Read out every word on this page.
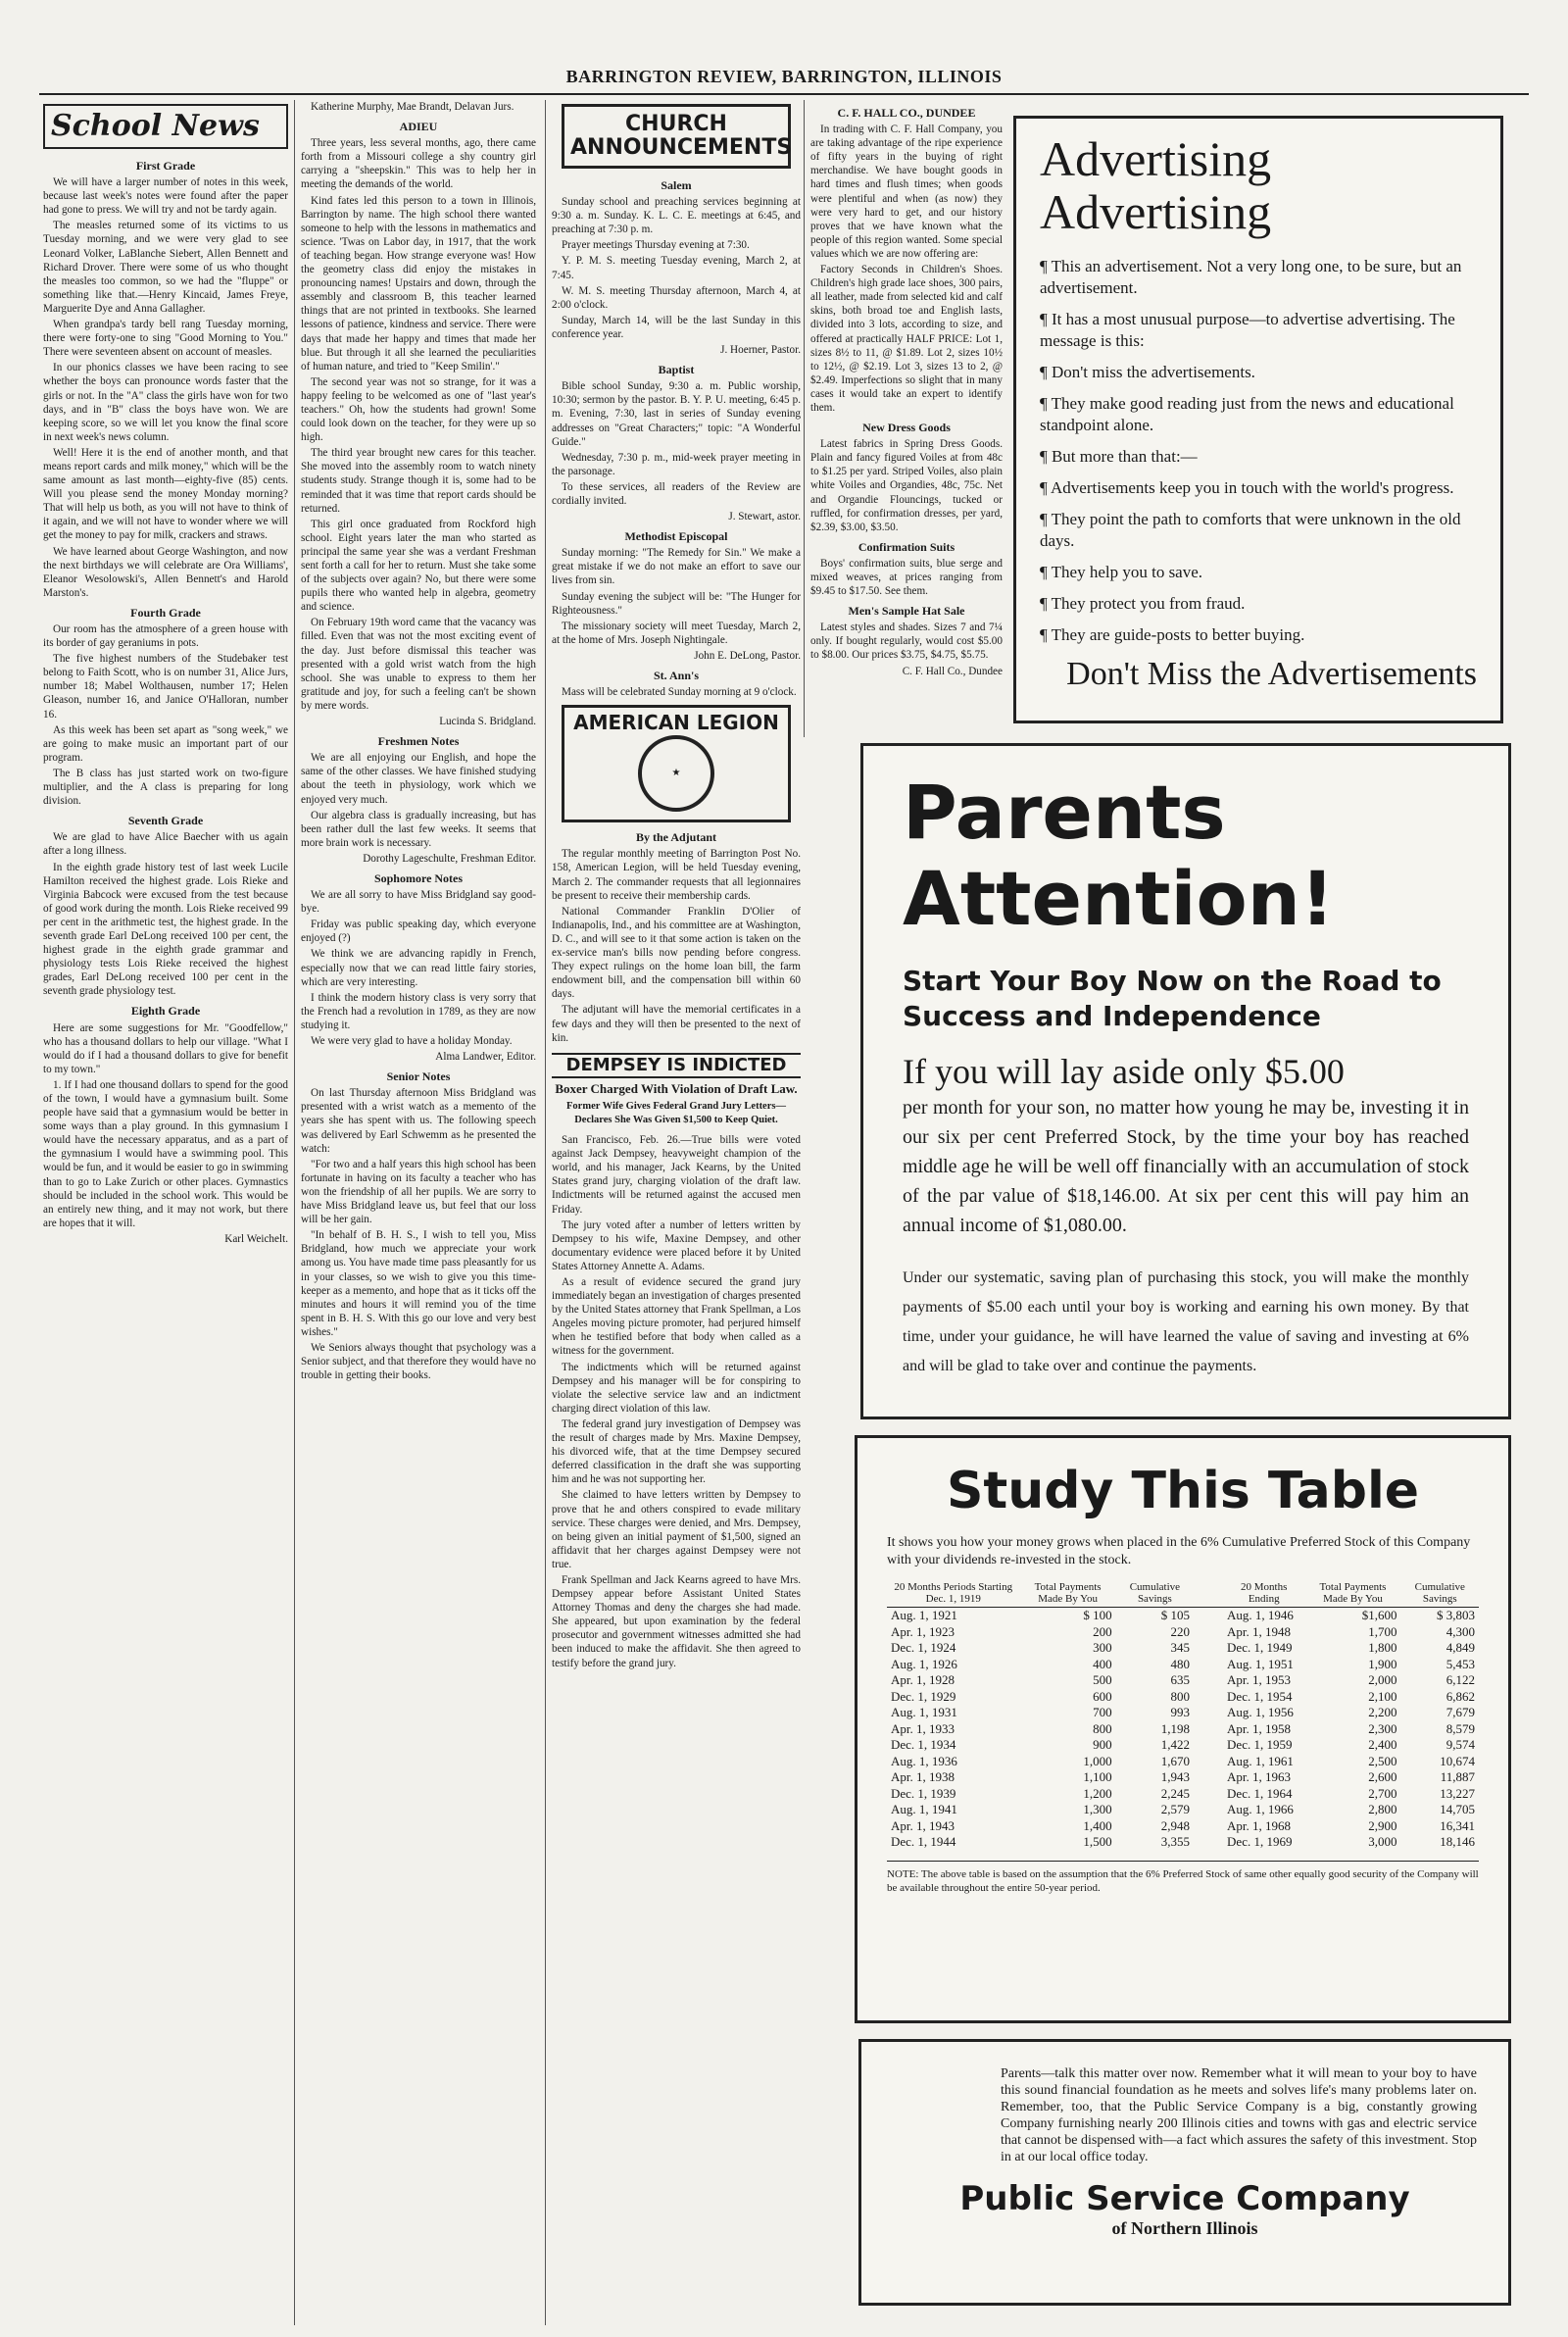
BARRINGTON REVIEW, BARRINGTON, ILLINOIS
School News
First Grade

We will have a larger number of notes in this week, because last week's notes were found after the paper had gone to press. We will try and not be tardy again.

The measles returned some of its victims to us Tuesday morning, and we were very glad to see Leonard Volker, LaBlanche Siebert, Allen Bennett and Richard Drover. There were some of us who thought the measles too common, so we had the "fluppe" or something like that.—Henry Kincaid, James Freye, Marguerite Dye and Anna Gallagher.

When grandpa's tardy bell rang Tuesday morning, there were forty-one to sing "Good Morning to You." There were seventeen absent on account of measles.

In our phonics classes we have been racing to see whether the boys can pronounce words faster that the girls or not. In the "A" class the girls have won for two days, and in "B" class the boys have won. We are keeping score, so we will let you know the final score in next week's news column.

Well! Here it is the end of another month, and that means report cards and milk money," which will be the same amount as last month—eighty-five (85) cents. Will you please send the money Monday morning? That will help us both, as you will not have to think of it again, and we will not have to wonder where we will get the money to pay for milk, crackers and straws.

We have learned about George Washington, and now the next birthdays we will celebrate are Ora Williams', Eleanor Wesolowski's, Allen Bennett's and Harold Marston's.

Fourth Grade

Our room has the atmosphere of a green house with its border of gay geraniums in pots.

The five highest numbers of the Studebaker test belong to Faith Scott, who is on number 31, Alice Jurs, number 18; Mabel Wolthausen, number 17; Helen Gleason, number 16, and Janice O'Halloran, number 16.

As this week has been set apart as "song week," we are going to make music an important part of our program.

The B class has just started work on two-figure multiplier, and the A class is preparing for long division.

Seventh Grade

We are glad to have Alice Baecher with us again after a long illness.

In the eighth grade history test of last week Lucile Hamilton received the highest grade. Lois Rieke and Virginia Babcock were excused from the test because of good work during the month. Lois Rieke received 99 per cent in the arithmetic test, the highest grade. In the seventh grade Earl DeLong received 100 per cent, the highest grade in the eighth grade grammar and physiology tests Lois Rieke received the highest grades, Earl DeLong received 100 per cent in the seventh grade physiology test.

Eighth Grade

Here are some suggestions for Mr. "Goodfellow," who has a thousand dollars to help our village. "What I would do if I had a thousand dollars to give for benefit to my town."

1. If I had one thousand dollars to spend for the good of the town, I would have a gymnasium built. Some people have said that a gymnasium would be better in some ways than a play ground. In this gymnasium I would have the necessary apparatus, and as a part of the gymnasium I would have a swimming pool. This would be fun, and it would be easier to go in swimming than to go to Lake Zurich or other places. Gymnastics should be included in the school work. This would be an entirely new thing, and it may not work, but there are hopes that it will.

Karl Weichelt.

Katherine Murphy, Mae Brandt, Delavan Jurs.

ADIEU

Three years, less several months, ago, there came forth from a Missouri college a shy country girl carrying a "sheepskin." This was to help her in meeting the demands of the world.

Kind fates led this person to a town in Illinois, Barrington by name. The high school there wanted someone to help with the lessons in mathematics and science. 'Twas on Labor day, in 1917, that the work of teaching began. How strange everyone was! How the geometry class did enjoy the mistakes in pronouncing names! Upstairs and down, through the assembly and classroom B, this teacher learned things that are not printed in textbooks. She learned lessons of patience, kindness and service. There were days that made her happy and times that made her blue. But through it all she learned the peculiarities of human nature, and tried to "Keep Smilin'."

The second year was not so strange, for it was a happy feeling to be welcomed as one of "last year's teachers." Oh, how the students had grown! Some could look down on the teacher, for they were up so high.

The third year brought new cares for this teacher. She moved into the assembly room to watch ninety students study. Strange though it is, some had to be reminded that it was time that report cards should be returned.

This girl once graduated from Rockford high school. Eight years later the man who started as principal the same year she was a verdant Freshman sent forth a call for her to return. Must she take some of the subjects over again? No, but there were some pupils there who wanted help in algebra, geometry and science.

On February 19th word came that the vacancy was filled. Even that was not the most exciting event of the day. Just before dismissal this teacher was presented with a gold wrist watch from the high school. She was unable to express to them her gratitude and joy, for such a feeling can't be shown by mere words.

Lucinda S. Bridgland.

Freshmen Notes

We are all enjoying our English, and hope the same of the other classes. We have finished studying about the teeth in physiology, work which we enjoyed very much.

Our algebra class is gradually increasing, but has been rather dull the last few weeks. It seems that more brain work is necessary.

Dorothy Lageschulte, Freshman Editor.

Sophomore Notes

We are all sorry to have Miss Bridgland say good-bye.

Friday was public speaking day, which everyone enjoyed (?)

We think we are advancing rapidly in French, especially now that we can read little fairy stories, which are very interesting.

I think the modern history class is very sorry that the French had a revolution in 1789, as they are now studying it.

We were very glad to have a holiday Monday.

Alma Landwer, Editor.

Senior Notes

On last Thursday afternoon Miss Bridgland was presented with a wrist watch as a memento of the years she has spent with us. The following speech was delivered by Earl Schwemm as he presented the watch:

"For two and a half years this high school has been fortunate in having on its faculty a teacher who has won the friendship of all her pupils. We are sorry to have Miss Bridgland leave us, but feel that our loss will be her gain.

"In behalf of B. H. S., I wish to tell you, Miss Bridgland, how much we appreciate your work among us. You have made time pass pleasantly for us in your classes, so we wish to give you this time-keeper as a memento, and hope that as it ticks off the minutes and hours it will remind you of the time spent in B. H. S. With this go our love and very best wishes."

We Seniors always thought that psychology was a Senior subject, and that therefore they would have no trouble in getting their books.

CHURCH ANNOUNCEMENTS
Salem

Sunday school and preaching services beginning at 9:30 a. m. Sunday. K. L. C. E. meetings at 6:45, and preaching at 7:30 p. m.

Prayer meetings Thursday evening at 7:30.

Y. P. M. S. meeting Tuesday evening, March 2, at 7:45.

W. M. S. meeting Thursday afternoon, March 4, at 2:00 o'clock.

Sunday, March 14, will be the last Sunday in this conference year.

J. Hoerner, Pastor.

Baptist

Bible school Sunday, 9:30 a. m. Public worship, 10:30; sermon by the pastor. B. Y. P. U. meeting, 6:45 p. m. Evening, 7:30, last in series of Sunday evening addresses on "Great Characters;" topic: "A Wonderful Guide."

Wednesday, 7:30 p. m., mid-week prayer meeting in the parsonage.

To these services, all readers of the Review are cordially invited.

J. Stewart, astor.

Methodist Episcopal

Sunday morning: "The Remedy for Sin." We make a great mistake if we do not make an effort to save our lives from sin.

Sunday evening the subject will be: "The Hunger for Righteousness."

The missionary society will meet Tuesday, March 2, at the home of Mrs. Joseph Nightingale.

John E. DeLong, Pastor.

St. Ann's

Mass will be celebrated Sunday morning at 9 o'clock.

AMERICAN LEGION
★
By the Adjutant

The regular monthly meeting of Barrington Post No. 158, American Legion, will be held Tuesday evening, March 2. The commander requests that all legionnaires be present to receive their membership cards.

National Commander Franklin D'Olier of Indianapolis, Ind., and his committee are at Washington, D. C., and will see to it that some action is taken on the ex-service man's bills now pending before congress. They expect rulings on the home loan bill, the farm endowment bill, and the compensation bill within 60 days.

The adjutant will have the memorial certificates in a few days and they will then be presented to the next of kin.

DEMPSEY IS INDICTED
Boxer Charged With Violation of Draft Law.
Former Wife Gives Federal Grand Jury Letters—Declares She Was Given $1,500 to Keep Quiet.

San Francisco, Feb. 26.—True bills were voted against Jack Dempsey, heavyweight champion of the world, and his manager, Jack Kearns, by the United States grand jury, charging violation of the draft law. Indictments will be returned against the accused men Friday.

The jury voted after a number of letters written by Dempsey to his wife, Maxine Dempsey, and other documentary evidence were placed before it by United States Attorney Annette A. Adams.

As a result of evidence secured the grand jury immediately began an investigation of charges presented by the United States attorney that Frank Spellman, a Los Angeles moving picture promoter, had perjured himself when he testified before that body when called as a witness for the government.

The indictments which will be returned against Dempsey and his manager will be for conspiring to violate the selective service law and an indictment charging direct violation of this law.

The federal grand jury investigation of Dempsey was the result of charges made by Mrs. Maxine Dempsey, his divorced wife, that at the time Dempsey secured deferred classification in the draft she was supporting him and he was not supporting her.

She claimed to have letters written by Dempsey to prove that he and others conspired to evade military service. These charges were denied, and Mrs. Dempsey, on being given an initial payment of $1,500, signed an affidavit that her charges against Dempsey were not true.

Frank Spellman and Jack Kearns agreed to have Mrs. Dempsey appear before Assistant United States Attorney Thomas and deny the charges she had made. She appeared, but upon examination by the federal prosecutor and government witnesses admitted she had been induced to make the affidavit. She then agreed to testify before the grand jury.

C. F. HALL CO., DUNDEE

In trading with C. F. Hall Company, you are taking advantage of the ripe experience of fifty years in the buying of right merchandise. We have bought goods in hard times and flush times; when goods were plentiful and when (as now) they were very hard to get, and our history proves that we have known what the people of this region wanted. Some special values which we are now offering are:

Factory Seconds in Children's Shoes. Children's high grade lace shoes, 300 pairs, all leather, made from selected kid and calf skins, both broad toe and English lasts, divided into 3 lots, according to size, and offered at practically HALF PRICE: Lot 1, sizes 8½ to 11, @ $1.89. Lot 2, sizes 10½ to 12½, @ $2.19. Lot 3, sizes 13 to 2, @ $2.49. Imperfections so slight that in many cases it would take an expert to identify them.

New Dress Goods

Latest fabrics in Spring Dress Goods. Plain and fancy figured Voiles at from 48c to $1.25 per yard. Striped Voiles, also plain white Voiles and Organdies, 48c, 75c. Net and Organdie Flouncings, tucked or ruffled, for confirmation dresses, per yard, $2.39, $3.00, $3.50.

Confirmation Suits

Boys' confirmation suits, blue serge and mixed weaves, at prices ranging from $9.45 to $17.50. See them.

Men's Sample Hat Sale

Latest styles and shades. Sizes 7 and 7¼ only. If bought regularly, would cost $5.00 to $8.00. Our prices $3.75, $4.75, $5.75.

C. F. Hall Co., Dundee

Advertising
Advertising
¶ This an advertisement. Not a very long one, to be sure, but an advertisement.
¶ It has a most unusual purpose—to advertise advertising. The message is this:
¶ Don't miss the advertisements.
¶ They make good reading just from the news and educational standpoint alone.
¶ But more than that:—
¶ Advertisements keep you in touch with the world's progress.
¶ They point the path to comforts that were unknown in the old days.
¶ They help you to save.
¶ They protect you from fraud.
¶ They are guide-posts to better buying.
Don't Miss the Advertisements
Parents
Attention!
Start Your Boy Now on the Road to Success and Independence
If you will lay aside only $5.00
per month for your son, no matter how young he may be, investing it in our six per cent Preferred Stock, by the time your boy has reached middle age he will be well off financially with an accumulation of stock of the par value of $18,146.00. At six per cent this will pay him an annual income of $1,080.00.
Under our systematic, saving plan of purchasing this stock, you will make the monthly payments of $5.00 each until your boy is working and earning his own money. By that time, under your guidance, he will have learned the value of saving and investing at 6% and will be glad to take over and continue the payments.
Study This Table
It shows you how your money grows when placed in the 6% Cumulative Preferred Stock of this Company with your dividends re-invested in the stock.
20 Months Periods Starting Dec. 1, 1919	Total Payments Made By You	Cumulative Savings		20 Months Ending	Total Payments Made By You	Cumulative Savings
Aug. 1, 1921	$ 100	$ 105		Aug. 1, 1946	$1,600	$ 3,803
Apr. 1, 1923	200	220		Apr. 1, 1948	1,700	4,300
Dec. 1, 1924	300	345		Dec. 1, 1949	1,800	4,849
Aug. 1, 1926	400	480		Aug. 1, 1951	1,900	5,453
Apr. 1, 1928	500	635		Apr. 1, 1953	2,000	6,122
Dec. 1, 1929	600	800		Dec. 1, 1954	2,100	6,862
Aug. 1, 1931	700	993		Aug. 1, 1956	2,200	7,679
Apr. 1, 1933	800	1,198		Apr. 1, 1958	2,300	8,579
Dec. 1, 1934	900	1,422		Dec. 1, 1959	2,400	9,574
Aug. 1, 1936	1,000	1,670		Aug. 1, 1961	2,500	10,674
Apr. 1, 1938	1,100	1,943		Apr. 1, 1963	2,600	11,887
Dec. 1, 1939	1,200	2,245		Dec. 1, 1964	2,700	13,227
Aug. 1, 1941	1,300	2,579		Aug. 1, 1966	2,800	14,705
Apr. 1, 1943	1,400	2,948		Apr. 1, 1968	2,900	16,341
Dec. 1, 1944	1,500	3,355		Dec. 1, 1969	3,000	18,146
NOTE: The above table is based on the assumption that the 6% Preferred Stock of same other equally good security of the Company will be available throughout the entire 50-year period.
Parents—talk this matter over now. Remember what it will mean to your boy to have this sound financial foundation as he meets and solves life's many problems later on. Remember, too, that the Public Service Company is a big, constantly growing Company furnishing nearly 200 Illinois cities and towns with gas and electric service that cannot be dispensed with—a fact which assures the safety of this investment. Stop in at our local office today.
Public Service Company
of Northern Illinois
